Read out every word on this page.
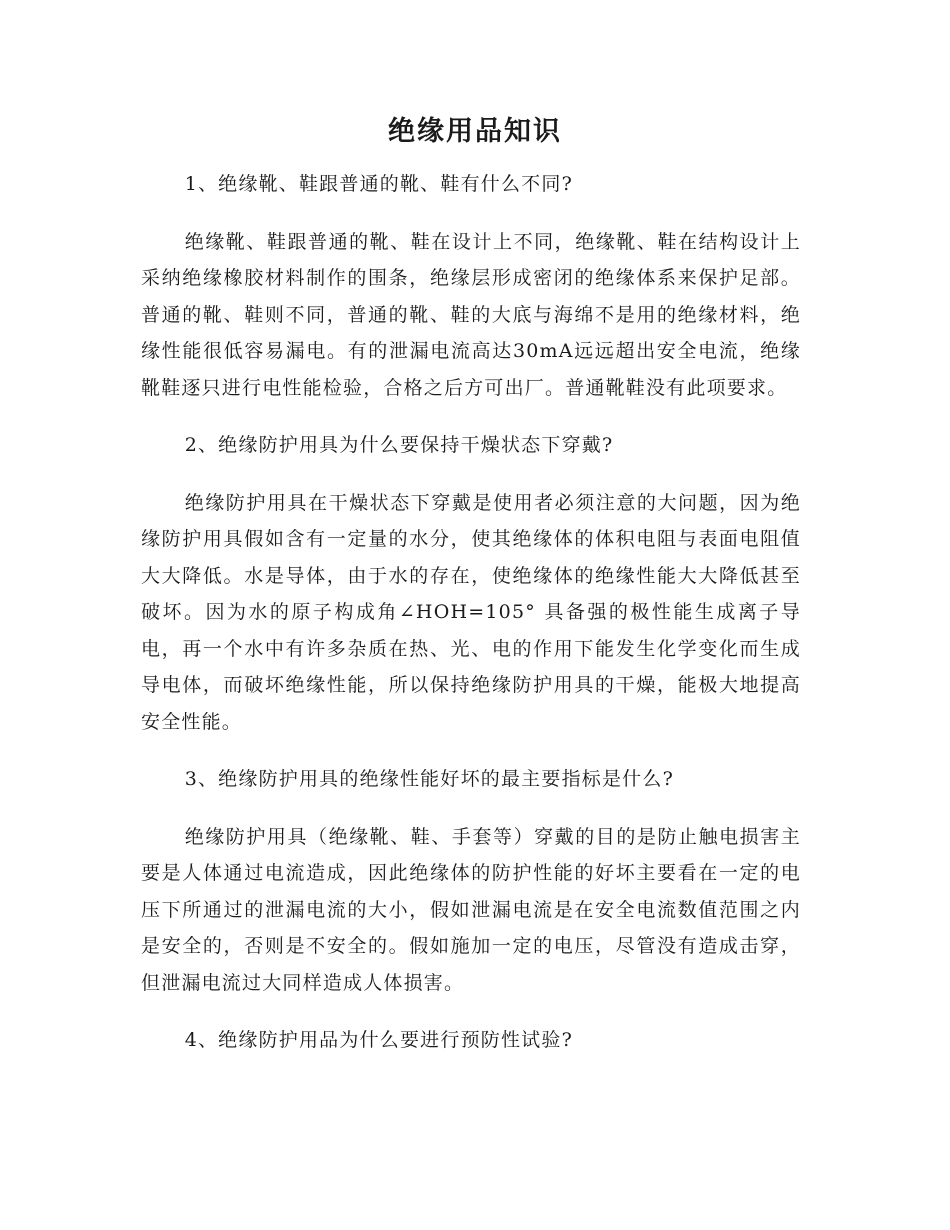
绝缘用品知识

1、绝缘靴、鞋跟普通的靴、鞋有什么不同?

绝缘靴、鞋跟普通的靴、鞋在设计上不同，绝缘靴、鞋在结构设计上采纳绝缘橡胶材料制作的围条，绝缘层形成密闭的绝缘体系来保护足部。 普通的靴、鞋则不同，普通的靴、鞋的大底与海绵不是用的绝缘材料，绝缘性能很低容易漏电。有的泄漏电流高达30mA远远超出安全电流，绝缘靴鞋逐只进行电性能检验，合格之后方可出厂。普通靴鞋没有此项要求。

2、绝缘防护用具为什么要保持干燥状态下穿戴?

绝缘防护用具在干燥状态下穿戴是使用者必须注意的大问题，因为绝缘防护用具假如含有一定量的水分，使其绝缘体的体积电阻与表面电阻值大大降低。水是导体，由于水的存在，使绝缘体的绝缘性能大大降低甚至破坏。因为水的原子构成角∠HOH=105° 具备强的极性能生成离子导电，再一个水中有许多杂质在热、光、电的作用下能发生化学变化而生成导电体，而破坏绝缘性能，所以保持绝缘防护用具的干燥，能极大地提高安全性能。

3、绝缘防护用具的绝缘性能好坏的最主要指标是什么?

绝缘防护用具（绝缘靴、鞋、手套等）穿戴的目的是防止触电损害主要是人体通过电流造成，因此绝缘体的防护性能的好坏主要看在一定的电压下所通过的泄漏电流的大小，假如泄漏电流是在安全电流数值范围之内是安全的，否则是不安全的。假如施加一定的电压，尽管没有造成击穿，但泄漏电流过大同样造成人体损害。

4、绝缘防护用品为什么要进行预防性试验?
